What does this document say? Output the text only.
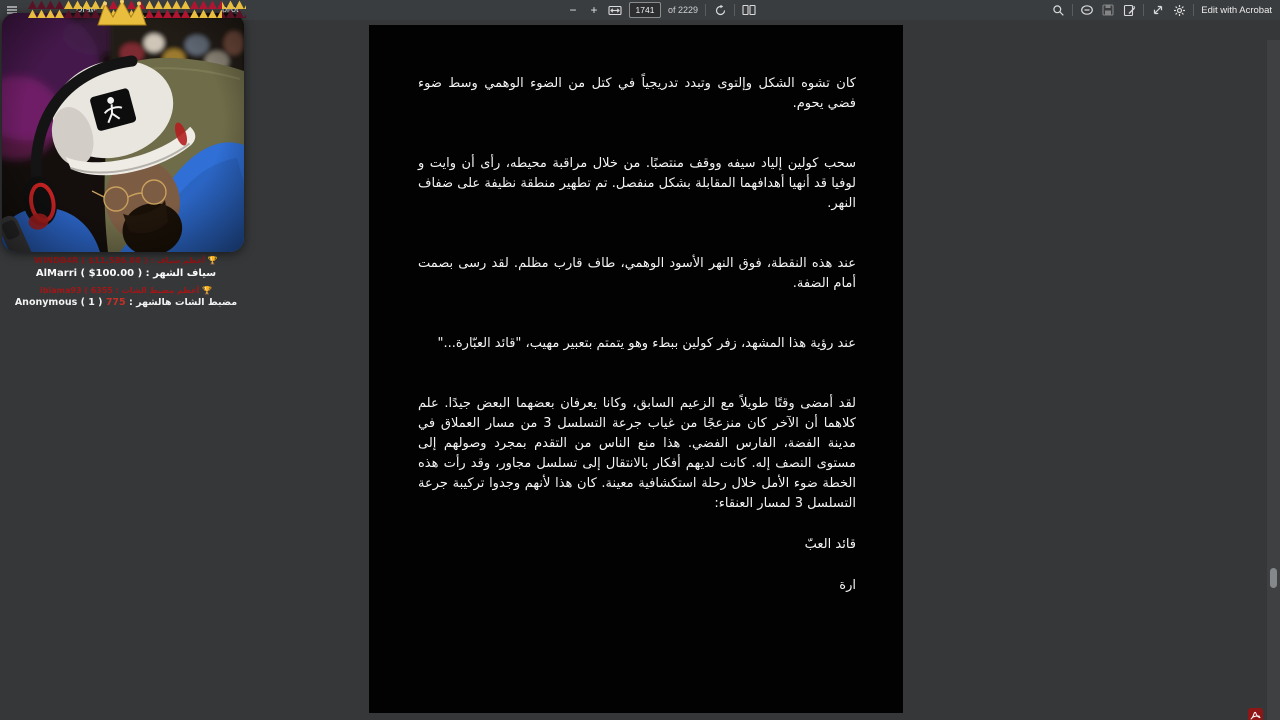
− +
1741	of 2229	Edit with Acrobat

كان تشوه الشكل وإلتوى وتبدد تدريجياً في كتل من الضوء الوهمي وسط ضوء فضي يحوم.

سحب كولين إلياد سيفه ووقف منتصبًا. من خلال مراقبة محيطه، رأى أن وايت و لوفيا قد أنهيا أهدافهما المقابلة بشكل منفصل. تم تطهير منطقة نظيفة على ضفاف النهر.

عند هذه النقطة، فوق النهر الأسود الوهمي، طاف قارب مظلم. لقد رسى بصمت أمام الضفة.

عند رؤية هذا المشهد، زفر كولين ببطء وهو يتمتم بتعبير مهيب، "قائد العبّارة..."

لقد أمضى وقتًا طويلاً مع الزعيم السابق، وكانا يعرفان بعضهما البعض جيدًا. علم كلاهما أن الآخر كان منزعجًا من غياب جرعة التسلسل 3 من مسار العملاق في مدينة الفضة، الفارس الفضي. هذا منع الناس من التقدم بمجرد وصولهم إلى مستوى النصف إله. كانت لديهم أفكار بالانتقال إلى تسلسل مجاور، وقد رأت هذه الخطة ضوء الأمل خلال رحلة استكشافية معينة. كان هذا لأنهم وجدوا تركيبة جرعة التسلسل 3 لمسار العنقاء:

قائد العبّ

ارة

🏆 أعظم سياف : WINDB4R ( $11,586.00 )
سياف الشهر : AlMarri ( $100.00 )
🏆 أعظم مضبط الشات : ibiama93 ( 6355
مضبط الشات هالشهر : Anonymous ( 1 ) 775
